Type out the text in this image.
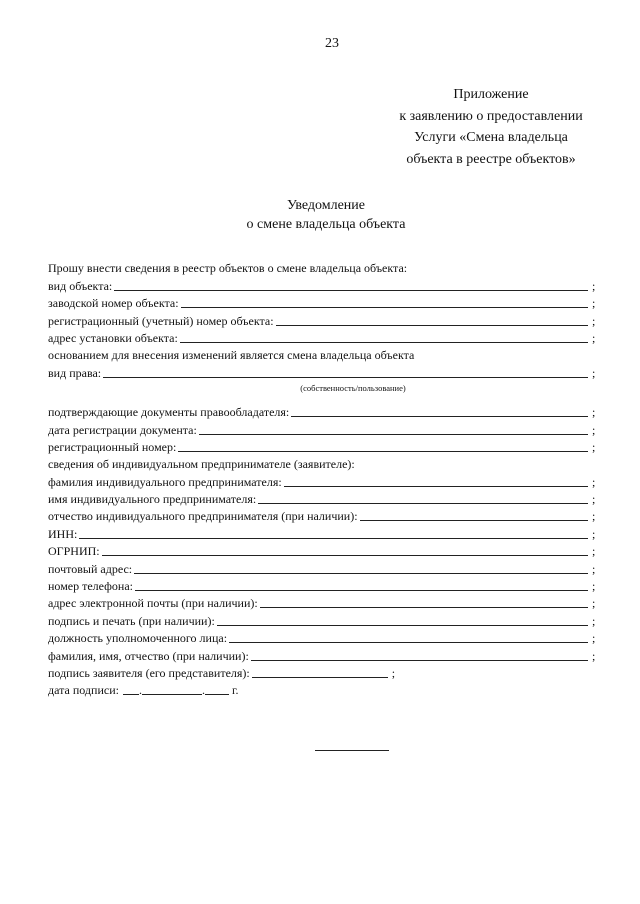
23
Приложение
к заявлению о предоставлении
Услуги «Смена владельца
объекта в реестре объектов»
Уведомление
о смене владельца объекта
Прошу внести сведения в реестр объектов о смене владельца объекта:
вид объекта:	;
заводской номер объекта:	;
регистрационный (учетный) номер объекта:	;
адрес установки объекта:	;
основанием для внесения изменений является смена владельца объекта
вид права:	;
(собственность/пользование)
подтверждающие документы правообладателя:	;
дата регистрации документа:	;
регистрационный номер:	;
сведения об индивидуальном предпринимателе (заявителе):
фамилия индивидуального предпринимателя:	;
имя индивидуального предпринимателя:	;
отчество индивидуального предпринимателя (при наличии):	;
ИНН:	;
ОГРНИП:	;
почтовый адрес:	;
номер телефона:	;
адрес электронной почты (при наличии):	;
подпись и печать (при наличии):	;
должность уполномоченного лица:	;
фамилия, имя, отчество (при наличии):	;
подпись заявителя (его представителя):	;
дата подписи: .	. г.
